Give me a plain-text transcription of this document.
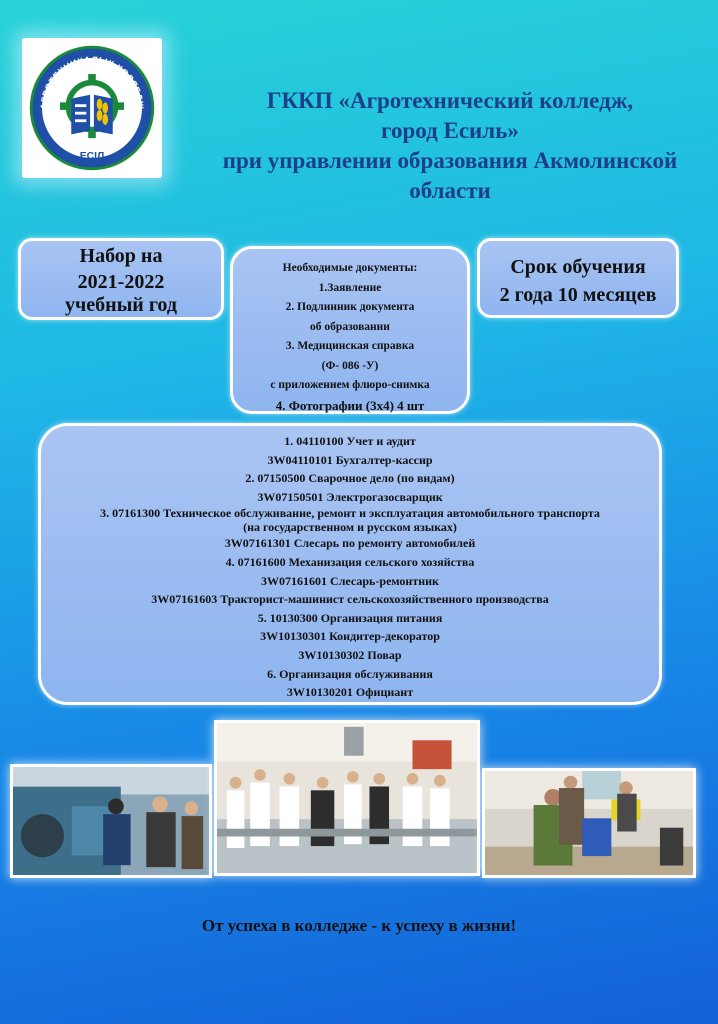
АГРОТЕХНИКАЛЫҚ КОЛЛЕДЖ
ЕСІЛ
ГККП «Агротехнический колледж,
город Есиль»
при управлении образования Акмолинской
области
Набор на
2021-2022
учебный год
Необходимые документы:
1.Заявление
2. Подлинник документа
об образовании
3. Медицинская справка
(Ф- 086 -У)
с приложением флюро-снимка
4. Фотографии (3х4) 4 шт
Срок обучения
2 года 10 месяцев
1. 04110100 Учет и аудит
3W04110101 Бухгалтер-кассир
2. 07150500 Сварочное дело (по видам)
3W07150501 Электрогазосварщик
3. 07161300 Техническое обслуживание, ремонт и эксплуатация автомобильного транспорта
(на государственном и русском языках)
3W07161301 Слесарь по ремонту автомобилей
4. 07161600 Механизация сельского хозяйства
3W07161601 Слесарь-ремонтник
3W07161603 Тракторист-машинист сельскохозяйственного производства
5. 10130300 Организация питания
3W10130301 Кондитер-декоратор
3W10130302 Повар
6. Организация обслуживания
3W10130201 Официант
От успеха в колледже - к успеху в жизни!
